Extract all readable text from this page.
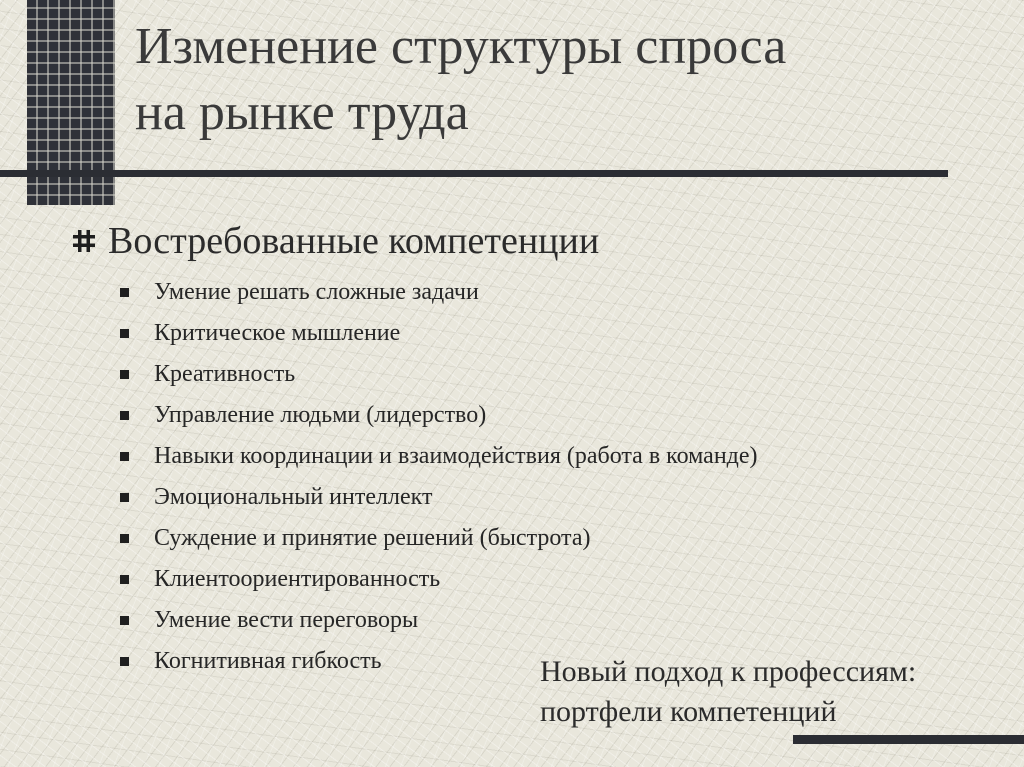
Изменение структуры спроса
на рынке труда
Востребованные компетенции
Умение решать сложные задачи
Критическое мышление
Креативность
Управление людьми (лидерство)
Навыки координации и взаимодействия (работа в команде)
Эмоциональный интеллект
Суждение и принятие решений (быстрота)
Клиентоориентированность
Умение вести переговоры
Когнитивная гибкость	Новый подход к профессиям:
портфели компетенций
